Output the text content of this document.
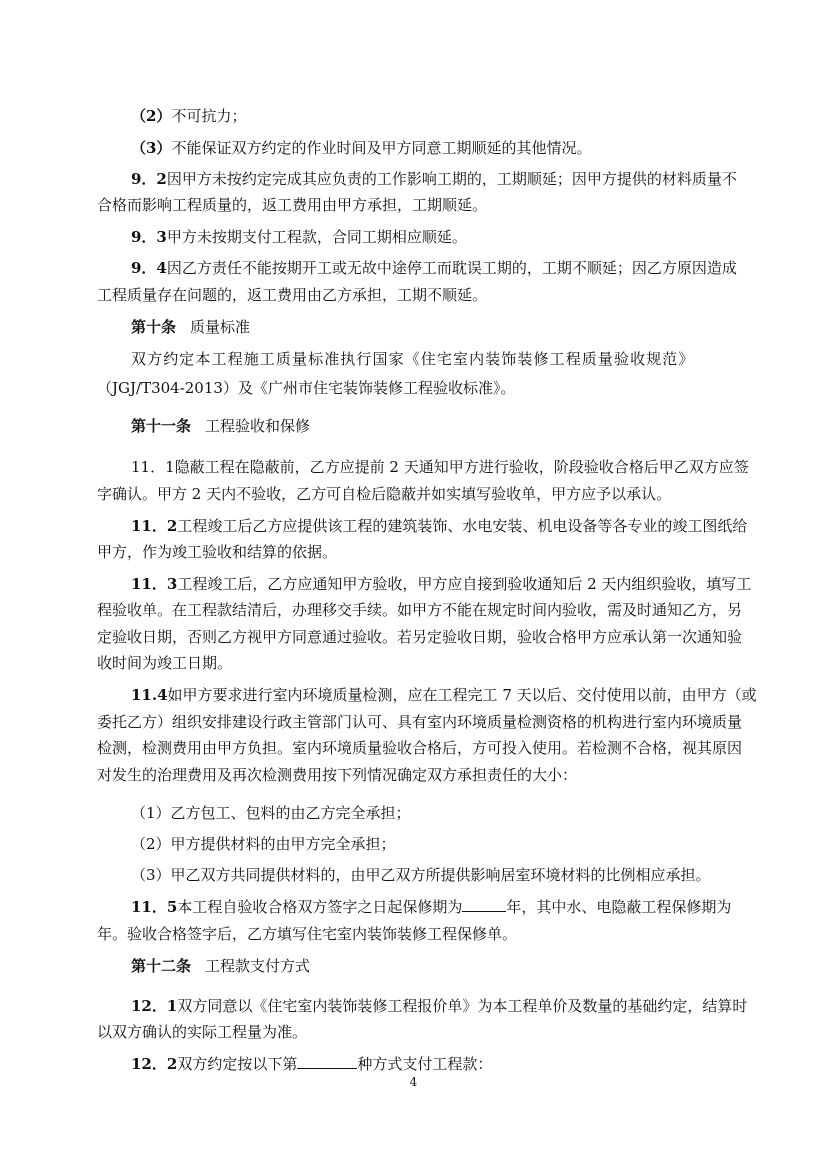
（2）不可抗力；
（3）不能保证双方约定的作业时间及甲方同意工期顺延的其他情况。
9．2因甲方未按约定完成其应负责的工作影响工期的，工期顺延；因甲方提供的材料质量不
合格而影响工程质量的，返工费用由甲方承担，工期顺延。
9．3甲方未按期支付工程款，合同工期相应顺延。
9．4因乙方责任不能按期开工或无故中途停工而耽误工期的，工期不顺延；因乙方原因造成
工程质量存在问题的，返工费用由乙方承担，工期不顺延。
第十条 质量标准
双方约定本工程施工质量标准执行国家《住宅室内装饰装修工程质量验收规范》
（JGJ/T304-2013）及《广州市住宅装饰装修工程验收标准》。
第十一条 工程验收和保修
11．1隐蔽工程在隐蔽前，乙方应提前 2 天通知甲方进行验收，阶段验收合格后甲乙双方应签
字确认。甲方 2 天内不验收，乙方可自检后隐蔽并如实填写验收单，甲方应予以承认。
11．2工程竣工后乙方应提供该工程的建筑装饰、水电安装、机电设备等各专业的竣工图纸给
甲方，作为竣工验收和结算的依据。
11．3工程竣工后，乙方应通知甲方验收，甲方应自接到验收通知后 2 天内组织验收，填写工
程验收单。在工程款结清后，办理移交手续。如甲方不能在规定时间内验收，需及时通知乙方，另
定验收日期，否则乙方视甲方同意通过验收。若另定验收日期，验收合格甲方应承认第一次通知验
收时间为竣工日期。
11.4如甲方要求进行室内环境质量检测，应在工程完工 7 天以后、交付使用以前，由甲方（或
委托乙方）组织安排建设行政主管部门认可、具有室内环境质量检测资格的机构进行室内环境质量
检测，检测费用由甲方负担。室内环境质量验收合格后，方可投入使用。若检测不合格，视其原因
对发生的治理费用及再次检测费用按下列情况确定双方承担责任的大小：
（1）乙方包工、包料的由乙方完全承担；
（2）甲方提供材料的由甲方完全承担；
（3）甲乙双方共同提供材料的，由甲乙双方所提供影响居室环境材料的比例相应承担。
11．5本工程自验收合格双方签字之日起保修期为	年，其中水、电隐蔽工程保修期为
年。验收合格签字后，乙方填写住宅室内装饰装修工程保修单。
第十二条 工程款支付方式
12．1双方同意以《住宅室内装饰装修工程报价单》为本工程单价及数量的基础约定，结算时
以双方确认的实际工程量为准。
12．2双方约定按以下第	种方式支付工程款：
4
